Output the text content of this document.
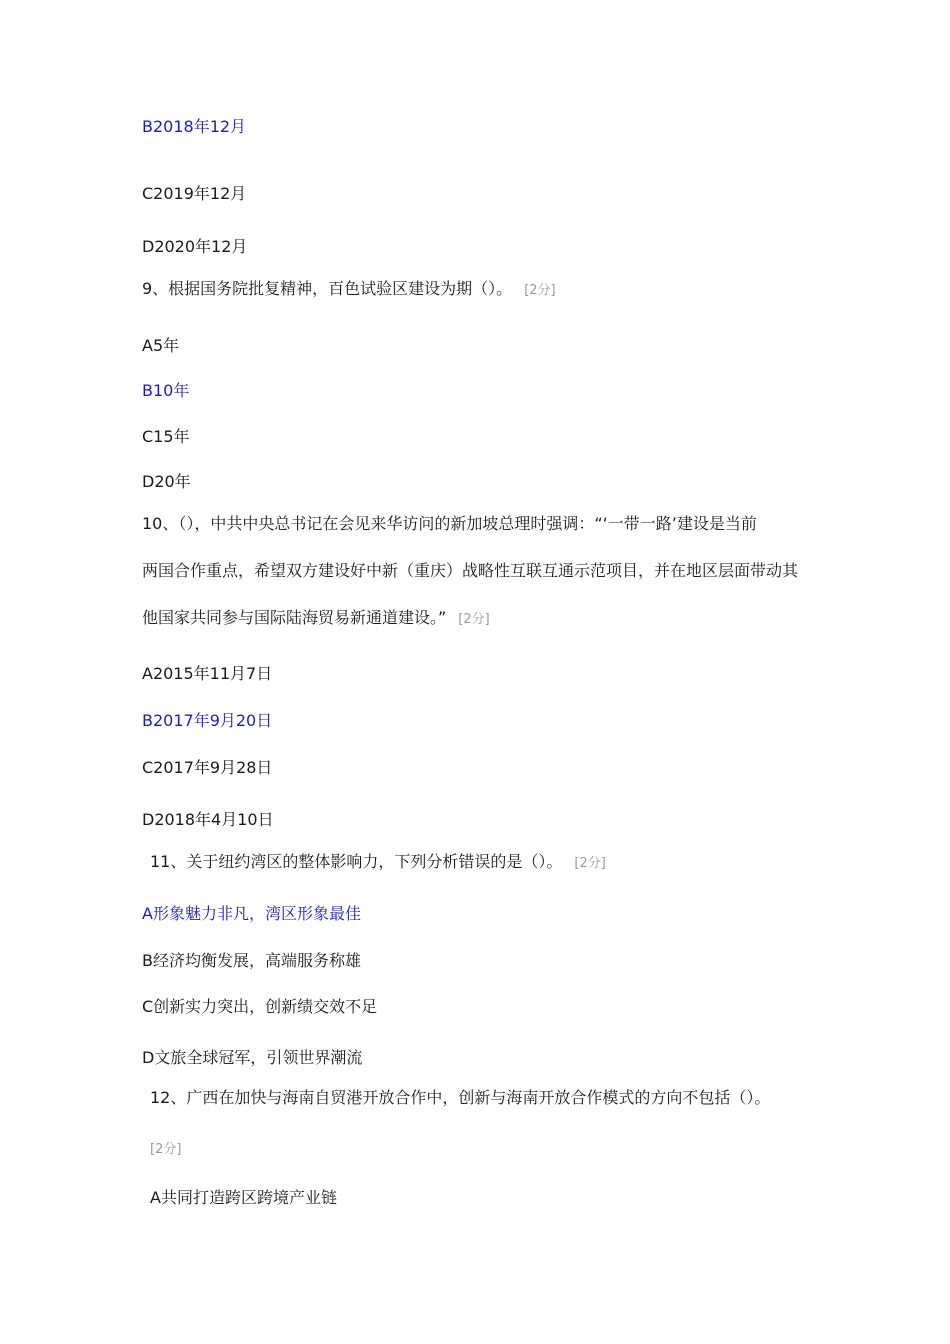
B2018年12月
C2019年12月
D2020年12月
9、根据国务院批复精神，百色试验区建设为期（）。 [2分]
A5年
B10年
C15年
D20年
10、（），中共中央总书记在会见来华访问的新加坡总理时强调：“‘一带一路’建设是当前
两国合作重点，希望双方建设好中新（重庆）战略性互联互通示范项目，并在地区层面带动其
他国家共同参与国际陆海贸易新通道建设。” [2分]
A2015年11月7日
B2017年9月20日
C2017年9月28日
D2018年4月10日
11、关于纽约湾区的整体影响力，下列分析错误的是（）。 [2分]
A形象魅力非凡，湾区形象最佳
B经济均衡发展，高端服务称雄
C创新实力突出，创新绩交效不足
D文旅全球冠军，引领世界潮流
12、广西在加快与海南自贸港开放合作中，创新与海南开放合作模式的方向不包括（）。
[2分]
A共同打造跨区跨境产业链
